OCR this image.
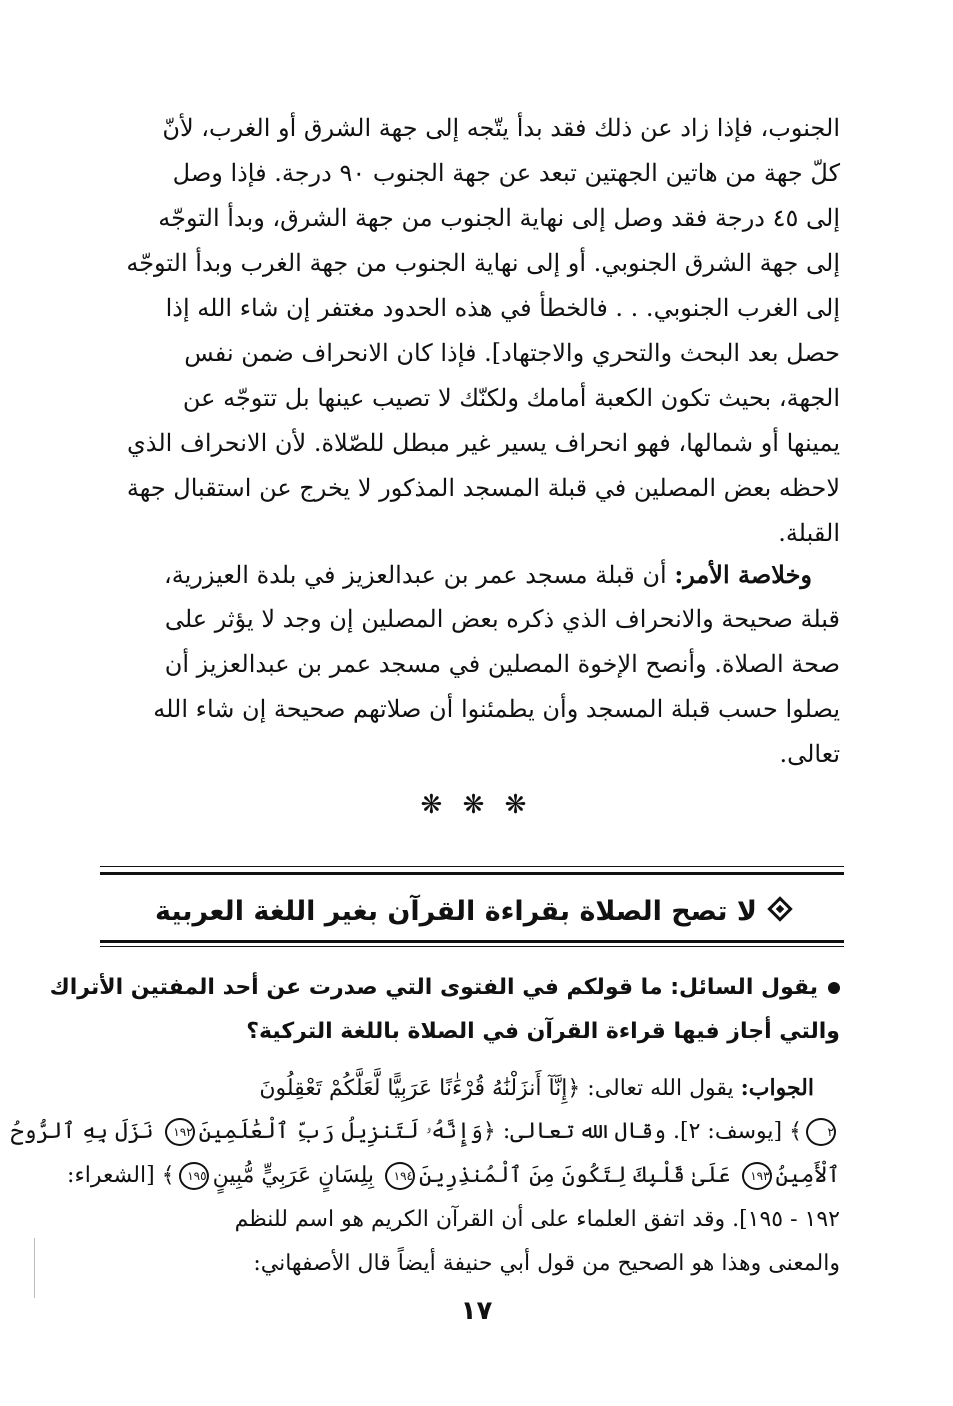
الجنوب، فإذا زاد عن ذلك فقد بدأ يتّجه إلى جهة الشرق أو الغرب، لأنّ
كلّ جهة من هاتين الجهتين تبعد عن جهة الجنوب ٩٠ درجة. فإذا وصل
إلى ٤٥ درجة فقد وصل إلى نهاية الجنوب من جهة الشرق، وبدأ التوجّه
إلى جهة الشرق الجنوبي. أو إلى نهاية الجنوب من جهة الغرب وبدأ التوجّه
إلى الغرب الجنوبي. . . فالخطأ في هذه الحدود مغتفر إن شاء الله إذا
حصل بعد البحث والتحري والاجتهاد]. فإذا كان الانحراف ضمن نفس
الجهة، بحيث تكون الكعبة أمامك ولكنّك لا تصيب عينها بل تتوجّه عن
يمينها أو شمالها، فهو انحراف يسير غير مبطل للصّلاة. لأن الانحراف الذي
لاحظه بعض المصلين في قبلة المسجد المذكور لا يخرج عن استقبال جهة
القبلة.
وخلاصة الأمر: أن قبلة مسجد عمر بن عبدالعزيز في بلدة العيزرية،
قبلة صحيحة والانحراف الذي ذكره بعض المصلين إن وجد لا يؤثر على
صحة الصلاة. وأنصح الإخوة المصلين في مسجد عمر بن عبدالعزيز أن
يصلوا حسب قبلة المسجد وأن يطمئنوا أن صلاتهم صحيحة إن شاء الله
تعالى.
❋ ❋ ❋
لا تصح الصلاة بقراءة القرآن بغير اللغة العربية
يقول السائل: ما قولكم في الفتوى التي صدرت عن أحد المفتين الأتراك
والتي أجاز فيها قراءة القرآن في الصلاة باللغة التركية؟
الجواب: يقول الله تعالى: ﴿إِنَّآ أَنزَلْنَٰهُ قُرْءَٰنًا عَرَبِيًّا لَّعَلَّكُمْ تَعْقِلُونَ
٢﴾ [يوسف: ٢]. وقال الله تعالى: ﴿وَإِنَّهُۥ لَتَنزِيلُ رَبِّ ٱلْعَٰلَمِينَ١٩٢ نَزَلَ بِهِ ٱلرُّوحُ
ٱلْأَمِينُ١٩٣ عَلَىٰ قَلْبِكَ لِتَكُونَ مِنَ ٱلْمُنذِرِينَ١٩٤ بِلِسَانٍ عَرَبِيٍّ مُّبِينٍ١٩٥﴾ [الشعراء:
١٩٢ - ١٩٥]. وقد اتفق العلماء على أن القرآن الكريم هو اسم للنظم
والمعنى وهذا هو الصحيح من قول أبي حنيفة أيضاً قال الأصفهاني:
١٧
